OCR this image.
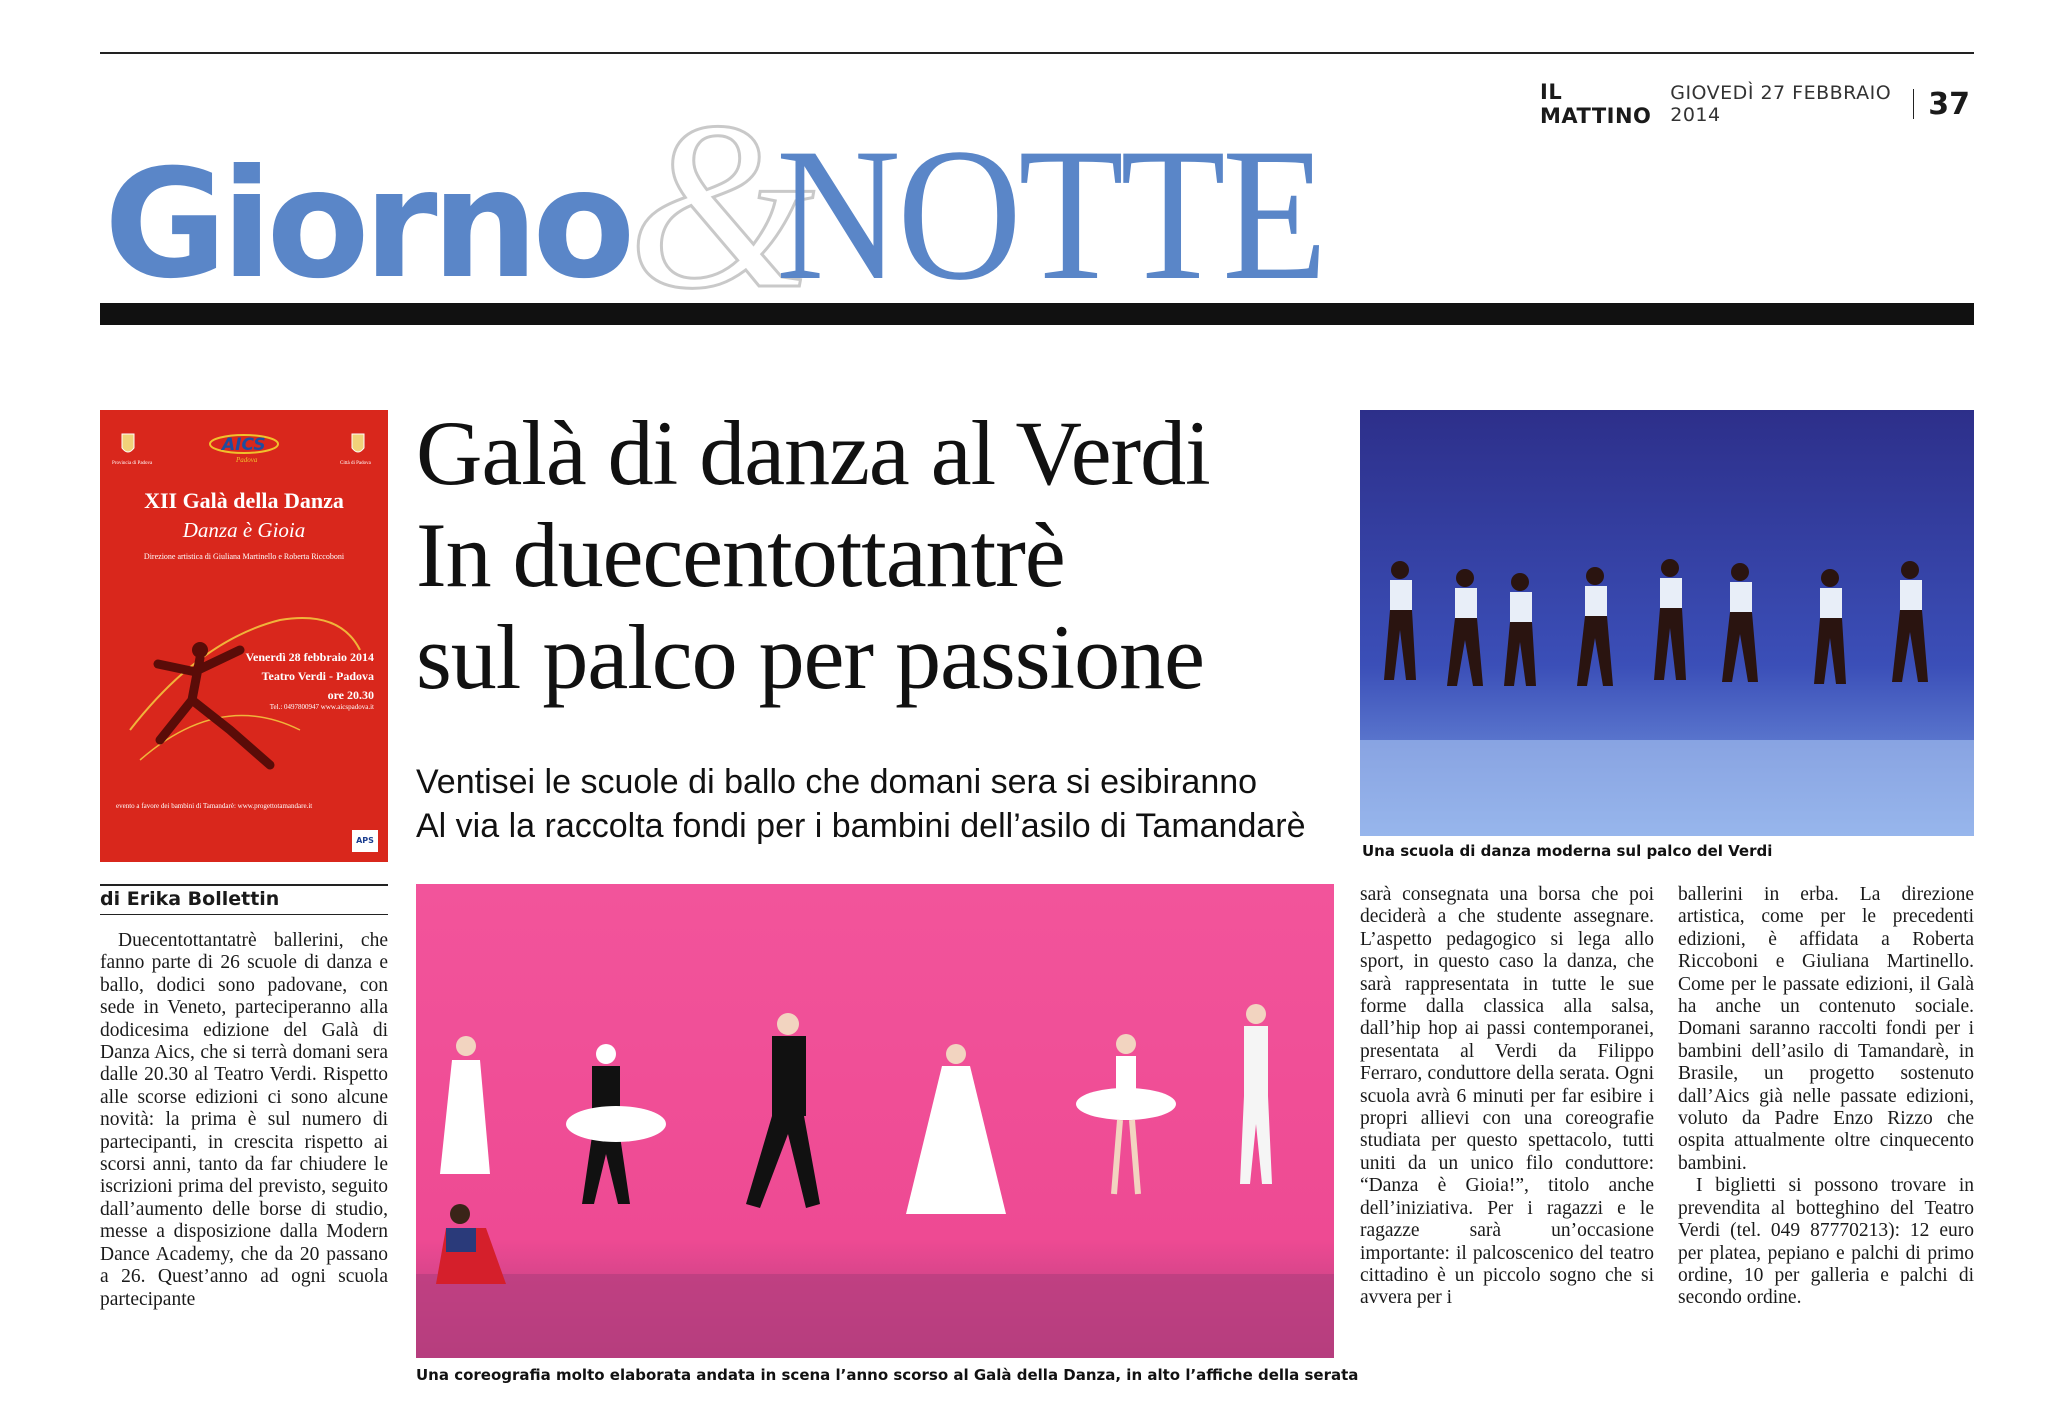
IL MATTINO
GIOVEDÌ 27 FEBBRAIO 2014	37
Giorno
&
NOTTE
Provincia di Padova
AICS
Padova	Città di Padova
XII Galà della Danza
Danza è Gioia
Direzione artistica di Giuliana Martinello e Roberta Riccoboni
Venerdì 28 febbraio 2014
Teatro Verdi - Padova
ore 20.30
Tel.: 0497800947 www.aicspadova.it
evento a favore dei bambini di Tamandarè: www.progettotamandare.it
APS
Galà di danza al Verdi
In duecentottantrè
sul palco per passione
Ventisei le scuole di ballo che domani sera si esibiranno
Al via la raccolta fondi per i bambini dell’asilo di Tamandarè
Una scuola di danza moderna sul palco del Verdi
di Erika Bollettin

Duecentottantatrè ballerini, che fanno parte di 26 scuole di danza e ballo, dodici sono padovane, con sede in Veneto, parteciperanno alla dodicesima edizione del Galà di Danza Aics, che si terrà domani sera dalle 20.30 al Teatro Verdi. Rispetto alle scorse edizioni ci sono alcune novità: la prima è sul numero di partecipanti, in crescita rispetto ai scorsi anni, tanto da far chiudere le iscrizioni prima del previsto, seguito dall’aumento delle borse di studio, messe a disposizione dalla Modern Dance Academy, che da 20 passano a 26. Quest’anno ad ogni scuola partecipante

Una coreografia molto elaborata andata in scena l’anno scorso al Galà della Danza, in alto l’affiche della serata

sarà consegnata una borsa che poi deciderà a che studente assegnare. L’aspetto pedagogico si lega allo sport, in questo caso la danza, che sarà rappresentata in tutte le sue forme dalla classica alla salsa, dall’hip hop ai passi contemporanei, presentata al Verdi da Filippo Ferraro, conduttore della serata. Ogni scuola avrà 6 minuti per far esibire i propri allievi con una coreografie studiata per questo spettacolo, tutti uniti da un unico filo conduttore: “Danza è Gioia!”, titolo anche dell’iniziativa. Per i ragazzi e le ragazze sarà un’occasione importante: il palcoscenico del teatro cittadino è un piccolo sogno che si avvera per i

ballerini in erba. La direzione artistica, come per le precedenti edizioni, è affidata a Roberta Riccoboni e Giuliana Martinello. Come per le passate edizioni, il Galà ha anche un contenuto sociale. Domani saranno raccolti fondi per i bambini dell’asilo di Tamandarè, in Brasile, un progetto sostenuto dall’Aics già nelle passate edizioni, voluto da Padre Enzo Rizzo che ospita attualmente oltre cinquecento bambini.

I biglietti si possono trovare in prevendita al botteghino del Teatro Verdi (tel. 049 87770213): 12 euro per platea, pepiano e palchi di primo ordine, 10 per galleria e palchi di secondo ordine.
